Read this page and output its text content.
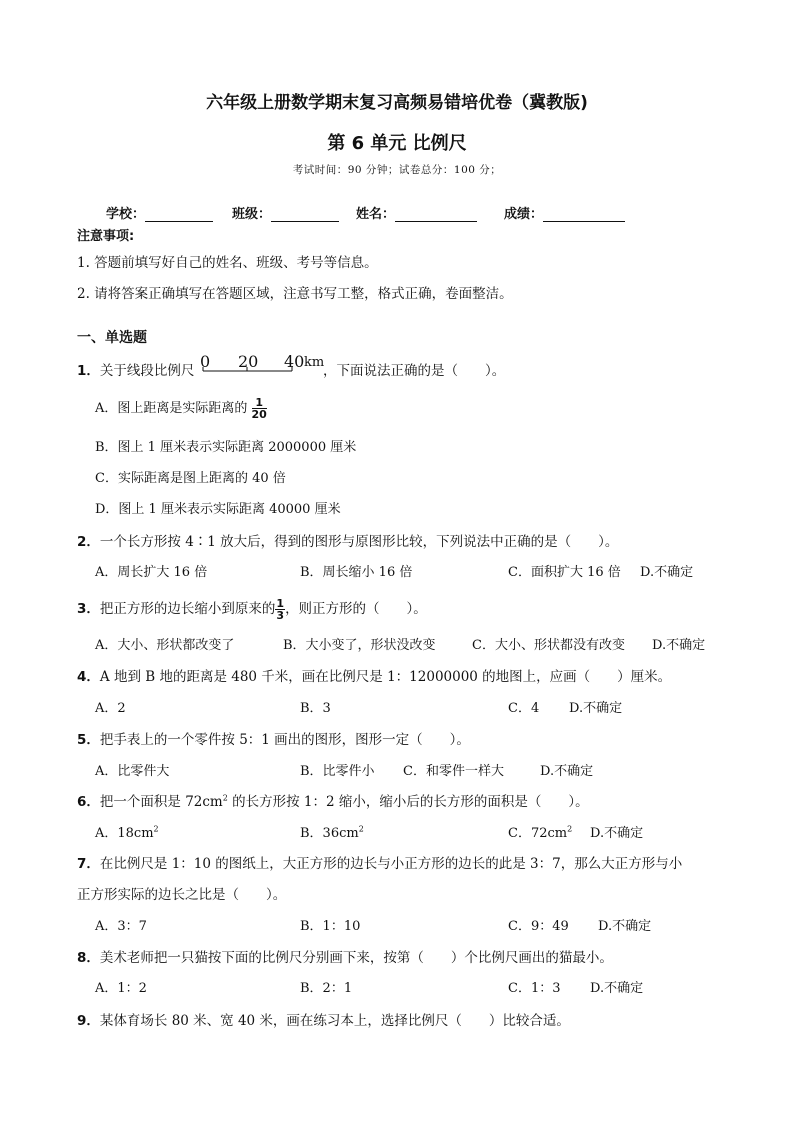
六年级上册数学期末复习高频易错培优卷（冀教版)
第 6 单元 比例尺
考试时间：90 分钟；试卷总分：100 分；
学校：	班级：	姓名：	成绩：
注意事项:
1. 答题前填写好自己的姓名、班级、考号等信息。
2. 请将答案正确填写在答题区域，注意书写工整，格式正确，卷面整洁。
一、单选题
1．关于线段比例尺 0 20 40 km
，下面说法正确的是（　　）。
A．图上距离是实际距离的 $\frac{1}{20}$
B．图上 1 厘米表示实际距离 2000000 厘米
C．实际距离是图上距离的 40 倍
D．图上 1 厘米表示实际距离 40000 厘米
2．一个长方形按 4∶1 放大后，得到的图形与原图形比较，下列说法中正确的是（　　）。
A．周长扩大 16 倍	B．周长缩小 16 倍	C．面积扩大 16 倍 D.不确定
3．把正方形的边长缩小到原来的 $\frac{1}{3}$ ，则正方形的（　　）。
A．大小、形状都改变了	B．大小变了，形状没改变	C．大小、形状都没有改变 D.不确定
4．A 地到 B 地的距离是 480 千米，画在比例尺是 1：12000000 的地图上，应画（　　）厘米。
A．2	B．3	C．4 D.不确定
5．把手表上的一个零件按 5：1 画出的图形，图形一定（　　）。
A．比零件大	B．比零件小 C．和零件一样大	D.不确定
6．把一个面积是 $72cm^2$ 的长方形按 1：2 缩小，缩小后的长方形的面积是（　　）。
A．$18cm^2$	B．$36cm^2$	C．$72cm^2$ D.不确定
7．在比例尺是 1：10 的图纸上，大正方形的边长与小正方形的边长的此是 3：7，那么大正方形与小
正方形实际的边长之比是（　　）。
A．3：7	B．1：10	C．9：49 D.不确定
8．美术老师把一只猫按下面的比例尺分别画下来，按第（　　）个比例尺画出的猫最小。
A．1：2	B．2：1	C．1：3 D.不确定
9．某体育场长 80 米、宽 40 米，画在练习本上，选择比例尺（　　）比较合适。
